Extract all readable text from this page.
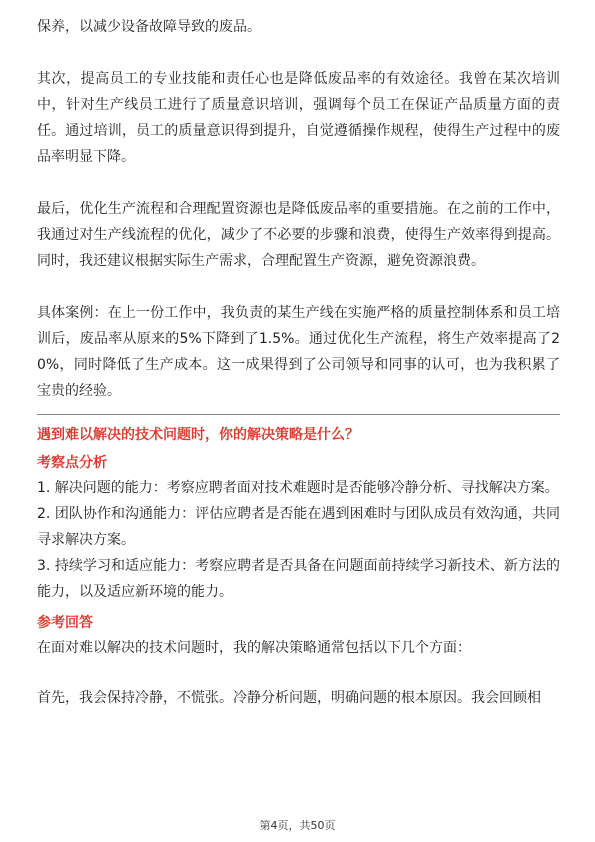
保养，以减少设备故障导致的废品。

其次，提高员工的专业技能和责任心也是降低废品率的有效途径。我曾在某次培训中，针对生产线员工进行了质量意识培训，强调每个员工在保证产品质量方面的责任。通过培训，员工的质量意识得到提升，自觉遵循操作规程，使得生产过程中的废品率明显下降。

最后，优化生产流程和合理配置资源也是降低废品率的重要措施。在之前的工作中，我通过对生产线流程的优化，减少了不必要的步骤和浪费，使得生产效率得到提高。同时，我还建议根据实际生产需求，合理配置生产资源，避免资源浪费。

具体案例：在上一份工作中，我负责的某生产线在实施严格的质量控制体系和员工培训后，废品率从原来的5%下降到了1.5%。通过优化生产流程，将生产效率提高了20%，同时降低了生产成本。这一成果得到了公司领导和同事的认可，也为我积累了宝贵的经验。

遇到难以解决的技术问题时，你的解决策略是什么？

考察点分析

1. 解决问题的能力：考察应聘者面对技术难题时是否能够冷静分析、寻找解决方案。

2. 团队协作和沟通能力：评估应聘者是否能在遇到困难时与团队成员有效沟通，共同寻求解决方案。

3. 持续学习和适应能力：考察应聘者是否具备在问题面前持续学习新技术、新方法的能力，以及适应新环境的能力。

参考回答

在面对难以解决的技术问题时，我的解决策略通常包括以下几个方面：

首先，我会保持冷静，不慌张。冷静分析问题，明确问题的根本原因。我会回顾相

第4页，共50页
